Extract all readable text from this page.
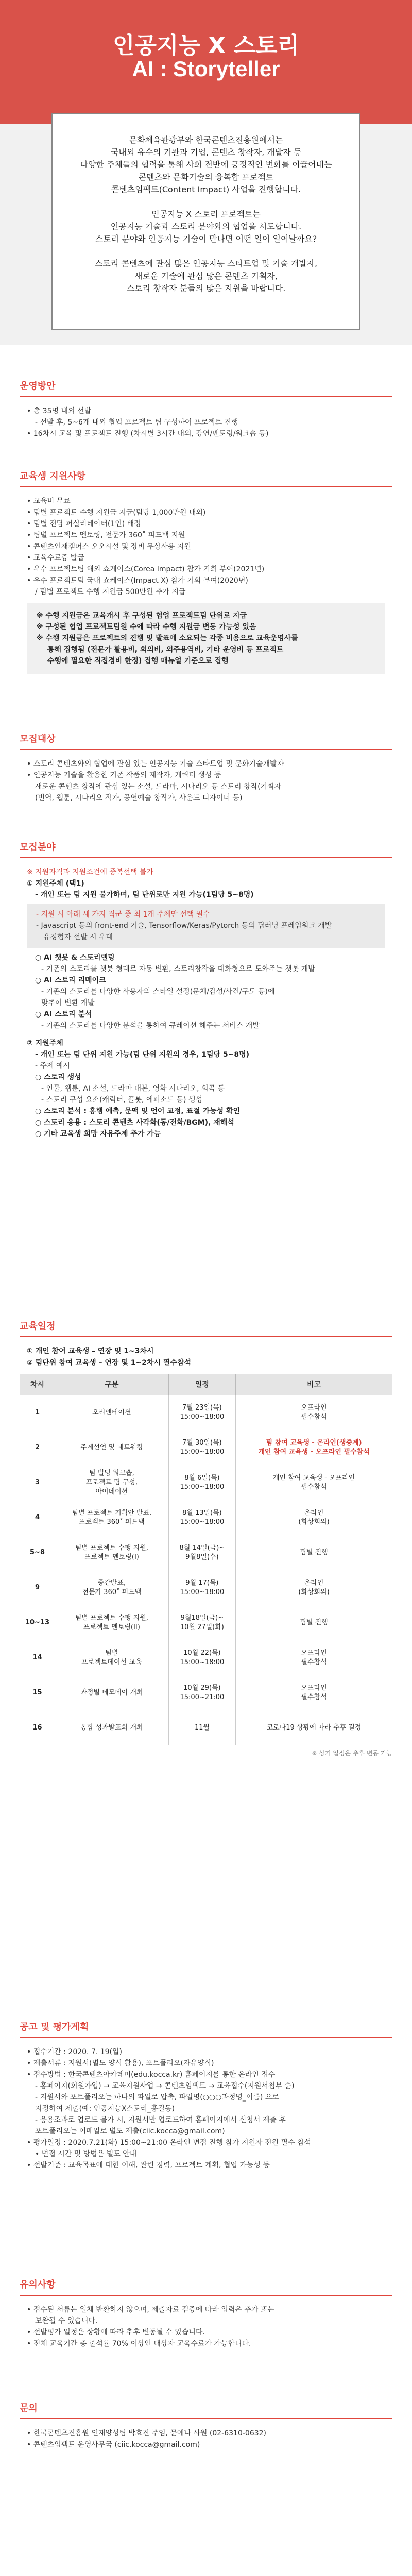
인공지능 X 스토리
AI : Storyteller

문화체육관광부와 한국콘텐츠진흥원에서는

국내외 유수의 기관과 기업, 콘텐츠 창작자, 개발자 등

다양한 주체들의 협력을 통해 사회 전반에 긍정적인 변화를 이끌어내는

콘텐츠와 문화기술의 융복합 프로젝트

콘텐츠임팩트(Content Impact) 사업을 진행합니다.

인공지능 X 스토리 프로젝트는

인공지능 기술과 스토리 분야와의 협업을 시도합니다.

스토리 분야와 인공지능 기술이 만나면 어떤 일이 일어날까요?

스토리 콘텐츠에 관심 많은 인공지능 스타트업 및 기술 개발자,

새로운 기술에 관심 많은 콘텐츠 기획자,

스토리 창작자 분들의 많은 지원을 바랍니다.

운영방안

• 총 35명 내외 선발

- 선발 후, 5~6개 내외 협업 프로젝트 팀 구성하여 프로젝트 진행

• 16차시 교육 및 프로젝트 진행 (차시별 3시간 내외, 강연/멘토링/워크숍 등)

교육생 지원사항

• 교육비 무료

• 팀별 프로젝트 수행 지원금 지급(팀당 1,000만원 내외)

• 팀별 전담 퍼실리테이터(1인) 배정

• 팀별 프로젝트 멘토링, 전문가 360˚ 피드백 지원

• 콘텐츠인재캠퍼스 오오시설 및 장비 무상사용 지원

• 교육수료증 발급

• 우수 프로젝트팀 해외 쇼케이스(Corea Impact) 참가 기회 부여(2021년)

• 우수 프로젝트팀 국내 쇼케이스(Impact X) 참가 기회 부여(2020년)

/ 팀별 프로젝트 수행 지원금 500만원 추가 지급

※ 수행 지원금은 교육개시 후 구성된 협업 프로젝트팀 단위로 지급

※ 구성된 협업 프로젝트팀원 수에 따라 수행 지원금 변동 가능성 있음

※ 수행 지원금은 프로젝트의 진행 및 발표에 소요되는 각종 비용으로 교육운영사를

통해 집행됨 (전문가 활용비, 회의비, 외주용역비, 기타 운영비 등 프로젝트

수행에 필요한 직접경비 한정) 집행 매뉴얼 기준으로 집행

모집대상

• 스토리 콘텐츠와의 협업에 관심 있는 인공지능 기술 스타트업 및 문화기술개발자

• 인공지능 기술을 활용한 기존 작품의 제작자, 캐릭터 생성 등

새로운 콘텐츠 창작에 관심 있는 소설, 드라마, 시나리오 등 스토리 창작(기획자

(번역, 웹툰, 시나리오 작가, 공연예술 창작가, 사운드 디자이너 등)

모집분야

※ 지원자격과 지원조건에 중복선택 불가

① 지원주체 (택1)

- 개인 또는 팀 지원 불가하며, 팀 단위로만 지원 가능(1팀당 5~8명)

- 지원 시 아래 세 가지 직군 중 최 1개 주체만 선택 필수

- Javascript 등의 front-end 기술, Tensorflow/Keras/Pytorch 등의 딥러닝 프레임워크 개발

유경험자 선발 시 우대

○ AI 챗봇 & 스토리텔링

- 기존의 스토리를 챗봇 형태로 자동 변환, 스토리창작을 대화형으로 도와주는 챗봇 개발

○ AI 스토리 리메이크

- 기존의 스토리를 다양한 사용자의 스타일 설정(문체/감성/사건/구도 등)에

맞추어 변환 개발

○ AI 스토리 분석

- 기존의 스토리를 다양한 분석을 통하여 큐레이션 해주는 서비스 개발

② 지원주체

- 개인 또는 팀 단위 지원 가능(팀 단위 지원의 경우, 1팀당 5~8명)

- 주제 예시

○ 스토리 생성

- 인물, 웹툰, AI 소설, 드라마 대본, 영화 시나리오, 희곡 등

- 스토리 구성 요소(캐릭터, 플롯, 에피소드 등) 생성

○ 스토리 분석 : 흥행 예측, 문맥 및 언어 교정, 표절 가능성 확인

○ 스토리 응용 : 스토리 콘텐츠 사각화(동/전화/BGM), 재해석

○ 기타 교육생 희망 자유주제 추가 가능

교육일정

① 개인 참여 교육생 – 연장 및 1~3차시

② 팀단위 참여 교육생 – 연장 및 1~2차시 필수참석

차시	구분	일정	비고
1	오리엔테이션	7월 23일(목)
15:00~18:00	오프라인
필수참석
2	주제선언 및 네트워킹	7월 30일(목)
15:00~18:00	팀 참여 교육생 - 온라인(생중계)
개인 참여 교육생 - 오프라인 필수참석
3	팀 빌딩 워크숍,
프로젝트 팀 구성,
아이데이션	8월 6일(목)
15:00~18:00	개인 참여 교육생 - 오프라인
필수참석
4	팀별 프로젝트 기획안 발표,
프로젝트 360˚ 피드백	8월 13일(목)
15:00~18:00	온라인
(화상회의)
5~8	팀별 프로젝트 수행 지원,
프로젝트 멘토링(I)	8월 14일(금)~
9월8일(수)	팀별 진행
9	중간발표,
전문가 360˚ 피드백	9월 17(목)
15:00~18:00	온라인
(화상회의)
10~13	팀별 프로젝트 수행 지원,
프로젝트 멘토링(II)	9월18일(금)~
10월 27일(화)	팀별 진행
14	팀별
프로젝트데이선 교육	10월 22(목)
15:00~18:00	오프라인
필수참석
15	과정별 데모데이 개최	10월 29(목)
15:00~21:00	오프라인
필수참석
16	통합 성과발표회 개최	11월	코로나19 상황에 따라 추후 결정
※ 상기 일정은 추후 변동 가능
공고 및 평가계획

• 접수기간 : 2020. 7. 19(일)

• 제출서류 : 지원서(별도 양식 활용), 포트폴리오(자유양식)

• 접수방법 : 한국콘텐츠아카데미(edu.kocca.kr) 홈페이지를 통한 온라인 접수

- 홈페이지(회원가입) → 교육지원사업 → 콘텐츠임팩트 → 교육접수(지원서첨부 순)

- 지원서와 포트폴리오는 하나의 파일로 압축, 파일명(○○○과정명_이름) 으로

지정하여 제출(예: 인공지능X스토리_홍길동)

- 응용조과로 업로드 불가 시, 지원서만 업로드하여 홈페이지에서 신청서 제출 후

포트폴리오는 이메일로 별도 제출(ciic.kocca@gmail.com)

• 평가일정 : 2020.7.21(화) 15:00~21:00 온라인 면접 진행 참가 지원자 전원 필수 참석

• 면접 시간 및 방법은 별도 안내

• 선발기준 : 교육목표에 대한 이해, 관련 경력, 프로젝트 계획, 협업 가능성 등

유의사항

• 접수된 서류는 일체 반환하지 않으며, 제출자료 검증에 따라 입력은 추가 또는

보완될 수 있습니다.

• 선발평가 일정은 상황에 따라 추후 변동될 수 있습니다.

• 전체 교육기간 총 출석률 70% 이상인 대상자 교육수료가 가능합니다.

문의

• 한국콘텐츠진흥원 인재양성팀 박효진 주임, 문예나 사원 (02-6310-0632)

• 콘텐츠임팩트 운영사무국 (ciic.kocca@gmail.com)
